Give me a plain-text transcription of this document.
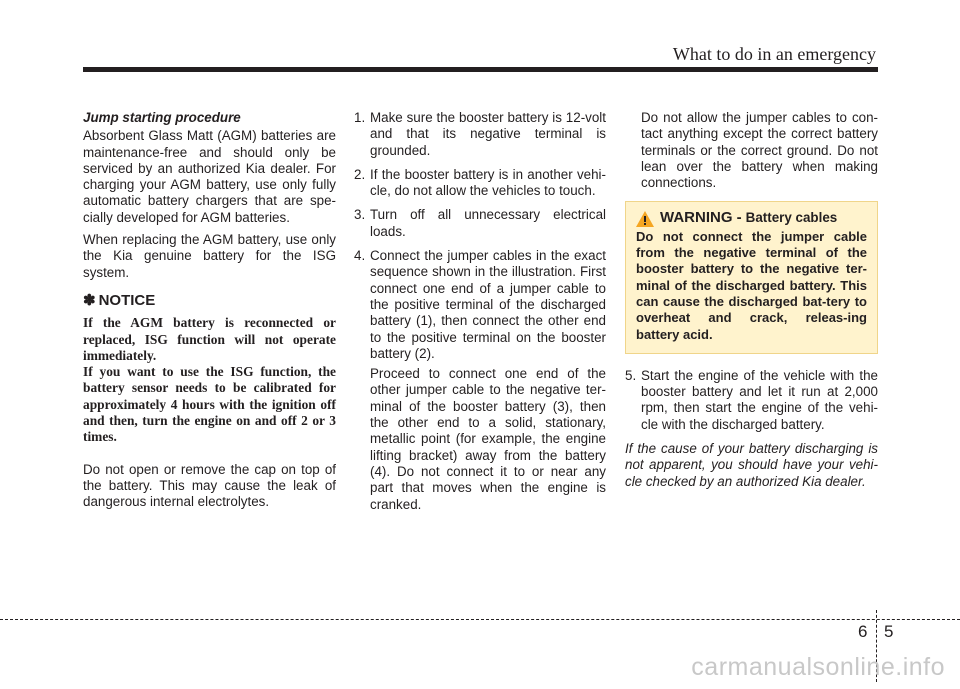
What to do in an emergency
Jump starting procedure

Absorbent Glass Matt (AGM) batteries are maintenance-free and should only be serviced by an authorized Kia dealer. For charging your AGM battery, use only fully automatic battery chargers that are spe-cially developed for AGM batteries.

When replacing the AGM battery, use only the Kia genuine battery for the ISG system.

✽ NOTICE
If the AGM battery is reconnected or replaced, ISG function will not operate immediately.
If you want to use the ISG function, the battery sensor needs to be calibrated for approximately 4 hours with the ignition off and then, turn the engine on and off 2 or 3 times.

Do not open or remove the cap on top of the battery. This may cause the leak of dangerous internal electrolytes.

1. Make sure the booster battery is 12-volt and that its negative terminal is grounded.

2. If the booster battery is in another vehi-cle, do not allow the vehicles to touch.

3. Turn off all unnecessary electrical loads.

4. Connect the jumper cables in the exact sequence shown in the illustration. First connect one end of a jumper cable to the positive terminal of the discharged battery (1), then connect the other end to the positive terminal on the booster battery (2).

Proceed to connect one end of the other jumper cable to the negative ter-minal of the booster battery (3), then the other end to a solid, stationary, metallic point (for example, the engine lifting bracket) away from the battery (4). Do not connect it to or near any part that moves when the engine is cranked.

Do not allow the jumper cables to con-tact anything except the correct battery terminals or the correct ground. Do not lean over the battery when making connections.

WARNING - Battery cables
Do not connect the jumper cable from the negative terminal of the booster battery to the negative ter-minal of the discharged battery. This can cause the discharged bat-tery to overheat and crack, releas-ing battery acid.
5. Start the engine of the vehicle with the booster battery and let it run at 2,000 rpm, then start the engine of the vehi-cle with the discharged battery.

If the cause of your battery discharging is not apparent, you should have your vehi-cle checked by an authorized Kia dealer.
6 5
carmanualsonline.info
